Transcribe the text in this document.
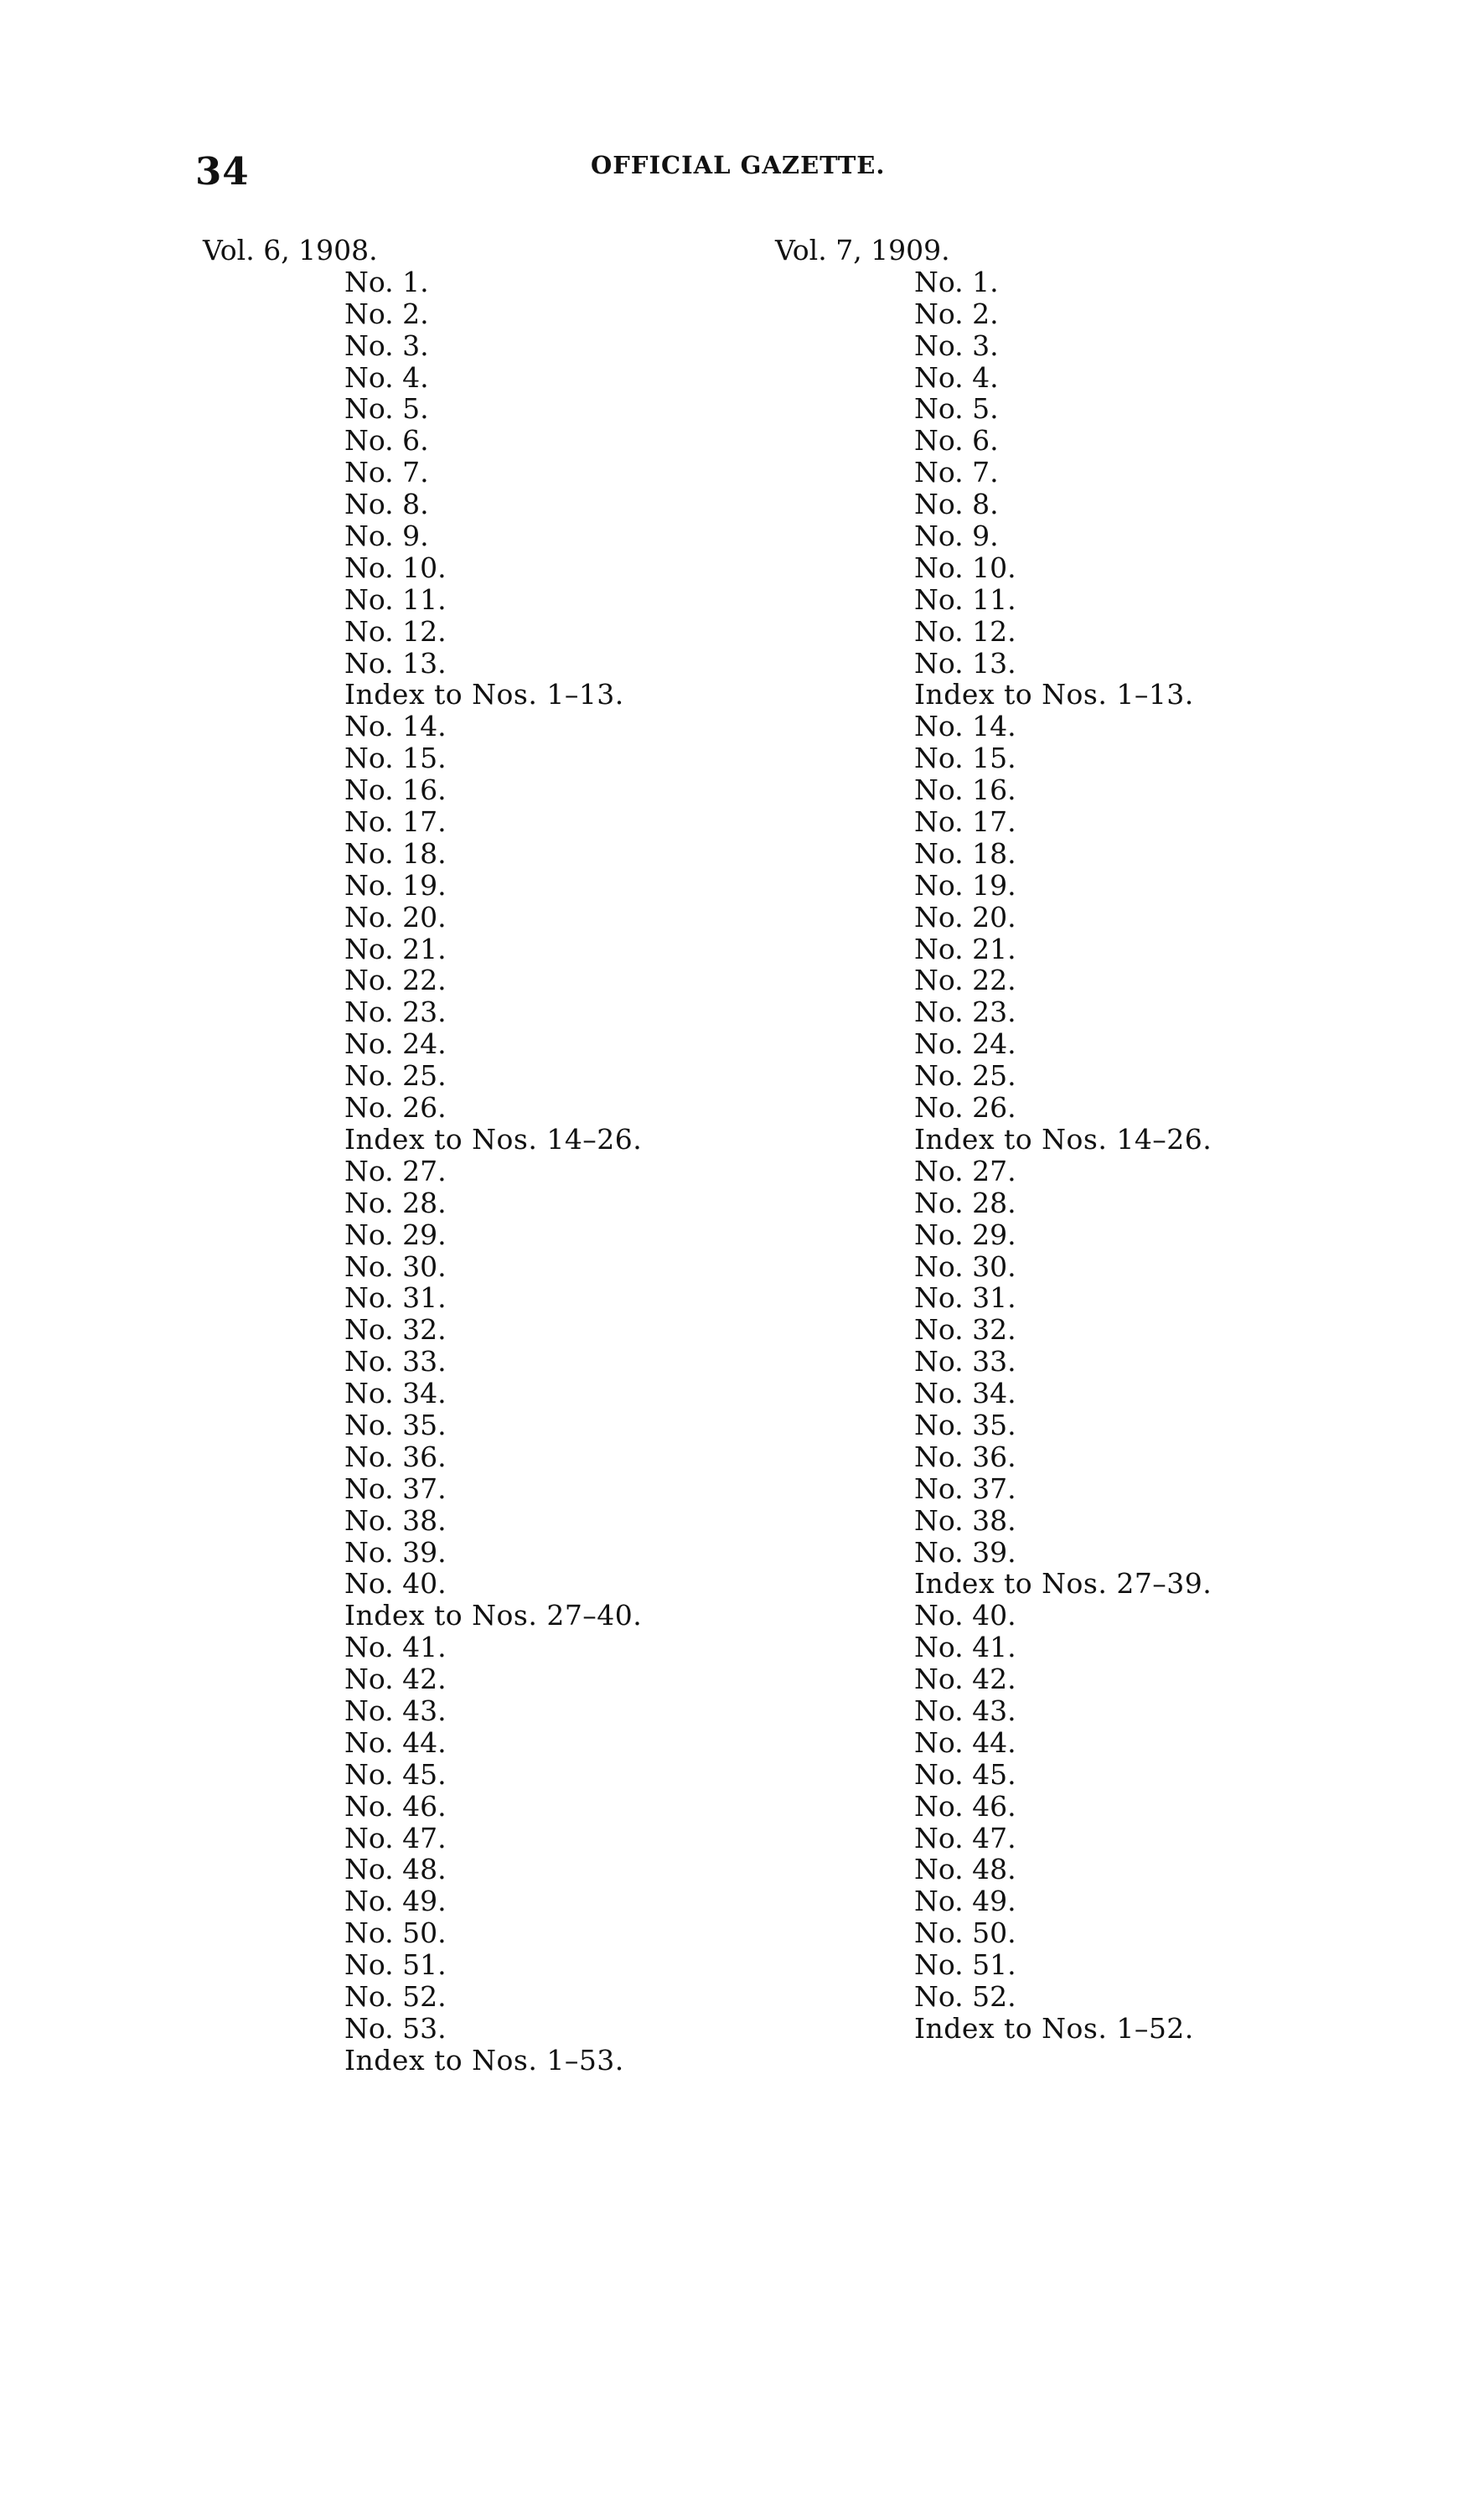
34	OFFICIAL GAZETTE.
Vol. 6, 1908.
No. 1.
No. 2.
No. 3.
No. 4.
No. 5.
No. 6.
No. 7.
No. 8.
No. 9.
No. 10.
No. 11.
No. 12.
No. 13.
Index to Nos. 1–13.
No. 14.
No. 15.
No. 16.
No. 17.
No. 18.
No. 19.
No. 20.
No. 21.
No. 22.
No. 23.
No. 24.
No. 25.
No. 26.
Index to Nos. 14–26.
No. 27.
No. 28.
No. 29.
No. 30.
No. 31.
No. 32.
No. 33.
No. 34.
No. 35.
No. 36.
No. 37.
No. 38.
No. 39.
No. 40.
Index to Nos. 27–40.
No. 41.
No. 42.
No. 43.
No. 44.
No. 45.
No. 46.
No. 47.
No. 48.
No. 49.
No. 50.
No. 51.
No. 52.
No. 53.
Index to Nos. 1–53.
Vol. 7, 1909.
No. 1.
No. 2.
No. 3.
No. 4.
No. 5.
No. 6.
No. 7.
No. 8.
No. 9.
No. 10.
No. 11.
No. 12.
No. 13.
Index to Nos. 1–13.
No. 14.
No. 15.
No. 16.
No. 17.
No. 18.
No. 19.
No. 20.
No. 21.
No. 22.
No. 23.
No. 24.
No. 25.
No. 26.
Index to Nos. 14–26.
No. 27.
No. 28.
No. 29.
No. 30.
No. 31.
No. 32.
No. 33.
No. 34.
No. 35.
No. 36.
No. 37.
No. 38.
No. 39.
Index to Nos. 27–39.
No. 40.
No. 41.
No. 42.
No. 43.
No. 44.
No. 45.
No. 46.
No. 47.
No. 48.
No. 49.
No. 50.
No. 51.
No. 52.
Index to Nos. 1–52.
